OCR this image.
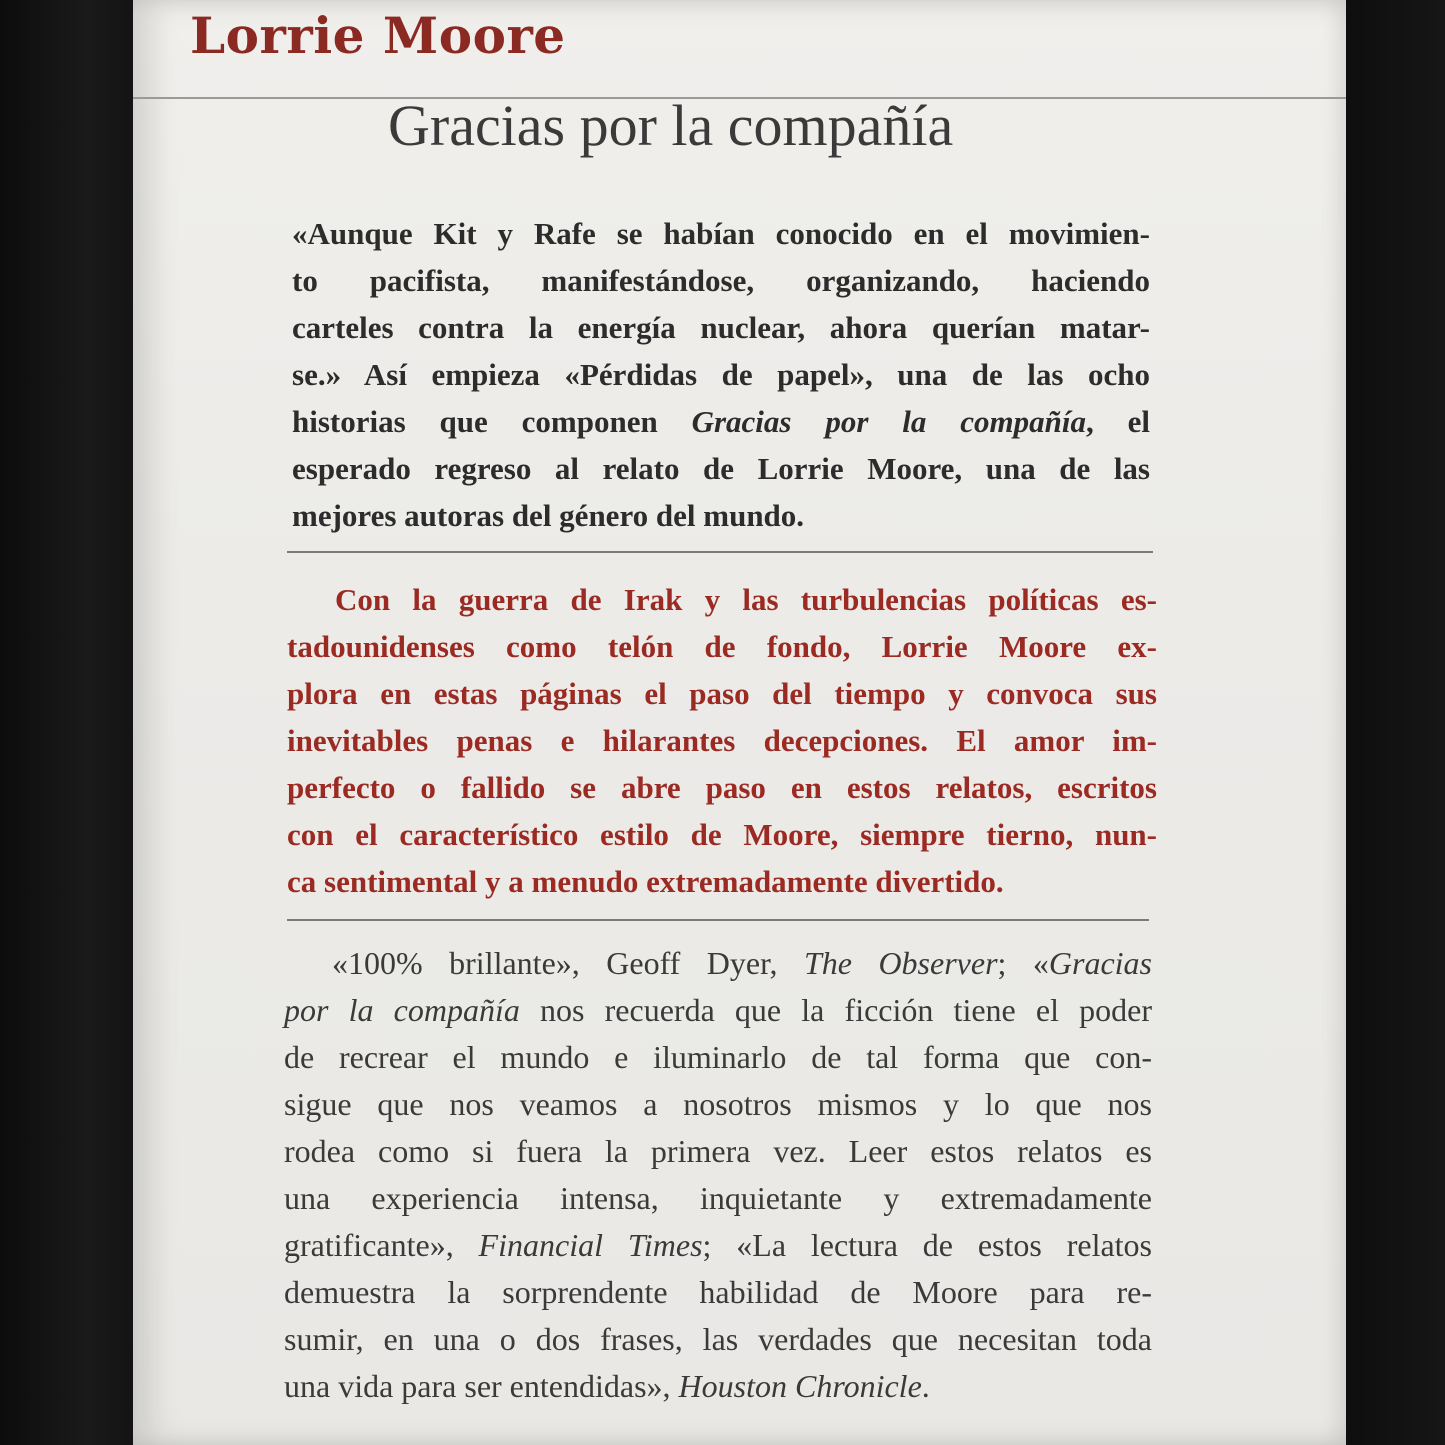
Lorrie Moore
Gracias por la compañía
«Aunque Kit y Rafe se habían conocido en el movimien-
to pacifista, manifestándose, organizando, haciendo
carteles contra la energía nuclear, ahora querían matar-
se.» Así empieza «Pérdidas de papel», una de las ocho
historias que componen Gracias por la compañía, el
esperado regreso al relato de Lorrie Moore, una de las
mejores autoras del género del mundo.
Con la guerra de Irak y las turbulencias políticas es-
tadounidenses como telón de fondo, Lorrie Moore ex-
plora en estas páginas el paso del tiempo y convoca sus
inevitables penas e hilarantes decepciones. El amor im-
perfecto o fallido se abre paso en estos relatos, escritos
con el característico estilo de Moore, siempre tierno, nun-
ca sentimental y a menudo extremadamente divertido.
«100% brillante», Geoff Dyer, The Observer; «Gracias
por la compañía nos recuerda que la ficción tiene el poder
de recrear el mundo e iluminarlo de tal forma que con-
sigue que nos veamos a nosotros mismos y lo que nos
rodea como si fuera la primera vez. Leer estos relatos es
una experiencia intensa, inquietante y extremadamente
gratificante», Financial Times; «La lectura de estos relatos
demuestra la sorprendente habilidad de Moore para re-
sumir, en una o dos frases, las verdades que necesitan toda
una vida para ser entendidas», Houston Chronicle.
